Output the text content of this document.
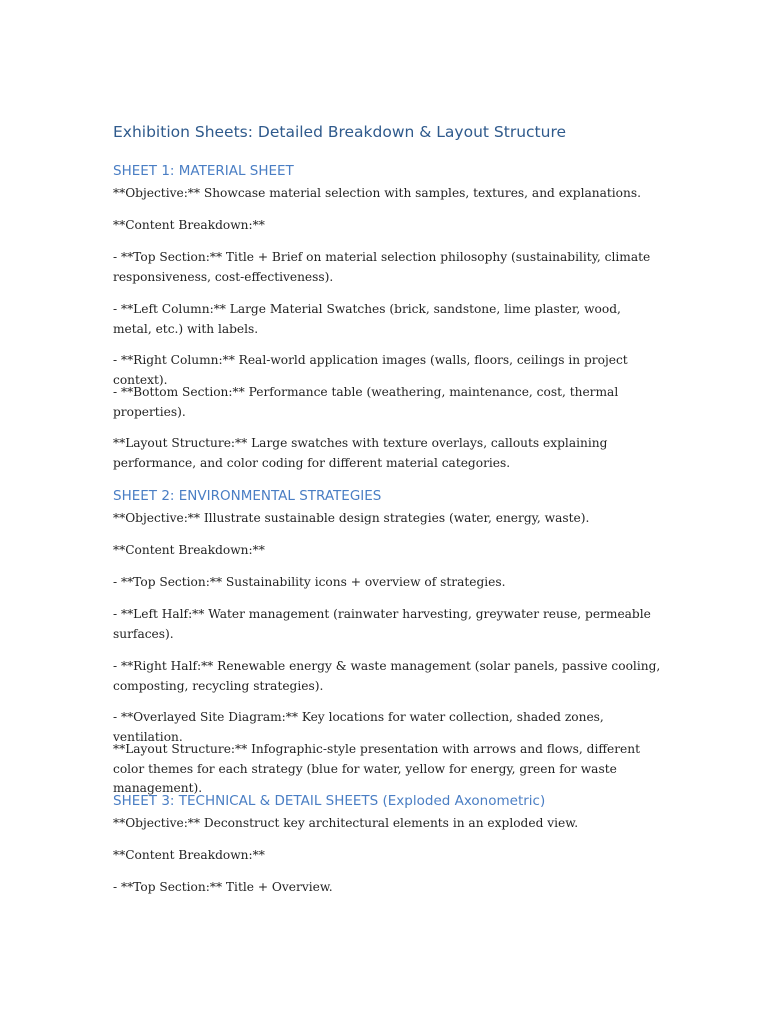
Exhibition Sheets: Detailed Breakdown & Layout Structure
SHEET 1: MATERIAL SHEET

**Objective:** Showcase material selection with samples, textures, and explanations.

**Content Breakdown:**

- **Top Section:** Title + Brief on material selection philosophy (sustainability, climate responsiveness, cost-effectiveness).

- **Left Column:** Large Material Swatches (brick, sandstone, lime plaster, wood, metal, etc.) with labels.

- **Right Column:** Real-world application images (walls, floors, ceilings in project context).

- **Bottom Section:** Performance table (weathering, maintenance, cost, thermal properties).

**Layout Structure:** Large swatches with texture overlays, callouts explaining performance, and color coding for different material categories.

SHEET 2: ENVIRONMENTAL STRATEGIES

**Objective:** Illustrate sustainable design strategies (water, energy, waste).

**Content Breakdown:**

- **Top Section:** Sustainability icons + overview of strategies.

- **Left Half:** Water management (rainwater harvesting, greywater reuse, permeable surfaces).

- **Right Half:** Renewable energy & waste management (solar panels, passive cooling, composting, recycling strategies).

- **Overlayed Site Diagram:** Key locations for water collection, shaded zones, ventilation.

**Layout Structure:** Infographic-style presentation with arrows and flows, different color themes for each strategy (blue for water, yellow for energy, green for waste management).

SHEET 3: TECHNICAL & DETAIL SHEETS (Exploded Axonometric)

**Objective:** Deconstruct key architectural elements in an exploded view.

**Content Breakdown:**

- **Top Section:** Title + Overview.
